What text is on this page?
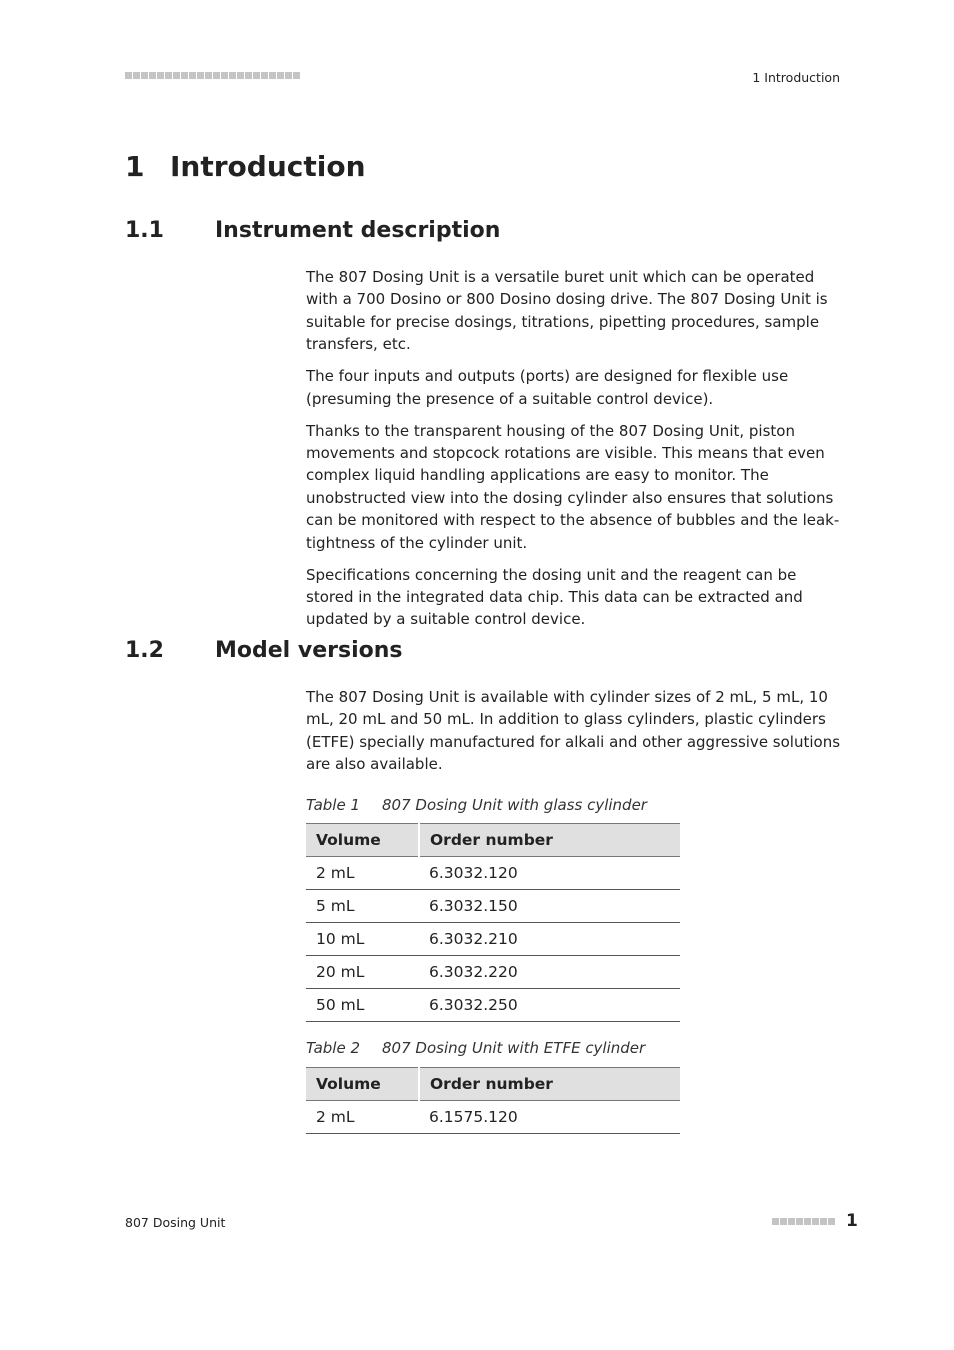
1 Introduction
1 Introduction
1.1 Instrument description

The 807 Dosing Unit is a versatile buret unit which can be operated with a 700 Dosino or 800 Dosino dosing drive. The 807 Dosing Unit is suitable for precise dosings, titrations, pipetting procedures, sample transfers, etc.

The four inputs and outputs (ports) are designed for flexible use (presuming the presence of a suitable control device).

Thanks to the transparent housing of the 807 Dosing Unit, piston movements and stopcock rotations are visible. This means that even complex liquid handling applications are easy to monitor. The unobstructed view into the dosing cylinder also ensures that solutions can be monitored with respect to the absence of bubbles and the leak-tightness of the cylinder unit.

Specifications concerning the dosing unit and the reagent can be stored in the integrated data chip. This data can be extracted and updated by a suitable control device.

1.2 Model versions

The 807 Dosing Unit is available with cylinder sizes of 2 mL, 5 mL, 10 mL, 20 mL and 50 mL. In addition to glass cylinders, plastic cylinders (ETFE) specially manufactured for alkali and other aggressive solutions are also available.

Table 1 807 Dosing Unit with glass cylinder
Volume	Order number
2 mL	6.3032.120
5 mL	6.3032.150
10 mL	6.3032.210
20 mL	6.3032.220
50 mL	6.3032.250
Table 2 807 Dosing Unit with ETFE cylinder
Volume	Order number
2 mL	6.1575.120
807 Dosing Unit	1
